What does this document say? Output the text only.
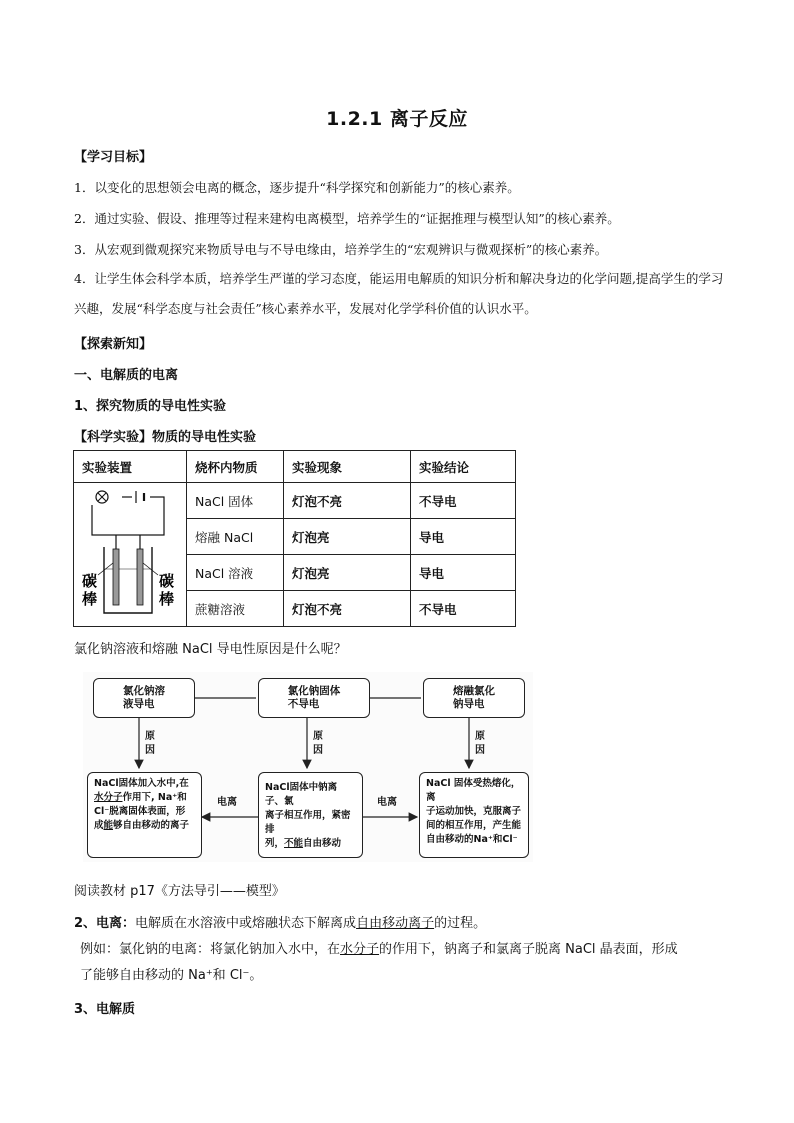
1.2.1 离子反应
【学习目标】
1．以变化的思想领会电离的概念，逐步提升“科学探究和创新能力”的核心素养。
2．通过实验、假设、推理等过程来建构电离模型，培养学生的“证据推理与模型认知”的核心素养。
3．从宏观到微观探究来物质导电与不导电缘由，培养学生的“宏观辨识与微观探析”的核心素养。
4．让学生体会科学本质，培养学生严谨的学习态度，能运用电解质的知识分析和解决身边的化学问题,提高学生的学习兴趣，发展“科学态度与社会责任”核心素养水平，发展对化学学科价值的认识水平。
【探索新知】
一、电解质的电离
1、探究物质的导电性实验
【科学实验】物质的导电性实验
实验装置	烧杯内物质	实验现象	实验结论

碳
棒
碳
棒	NaCl 固体	灯泡不亮	不导电
	熔融 NaCl	灯泡亮	导电
	NaCl 溶液	灯泡亮	导电
	蔗糖溶液	灯泡不亮	不导电
氯化钠溶液和熔融 NaCl 导电性原因是什么呢？
氯化钠溶
液导电
氯化钠固体
不导电
熔融氯化
钠导电
原
因
原
因
原
因
电离	电离
NaCl固体加入水中,在
水分子作用下, Na⁺和
Cl⁻脱离固体表面，形
成能够自由移动的离子
NaCl固体中钠离子、氯
离子相互作用，紧密排
列，不能自由移动
NaCl 固体受热熔化，离
子运动加快，克服离子
间的相互作用，产生能
自由移动的Na⁺和Cl⁻
阅读教材 p17《方法导引——模型》
2、电离：电解质在水溶液中或熔融状态下解离成自由移动离子的过程。
例如：氯化钠的电离：将氯化钠加入水中，在水分子的作用下，钠离子和氯离子脱离 NaCl 晶表面，形成
了能够自由移动的 Na⁺和 Cl⁻。
3、电解质
